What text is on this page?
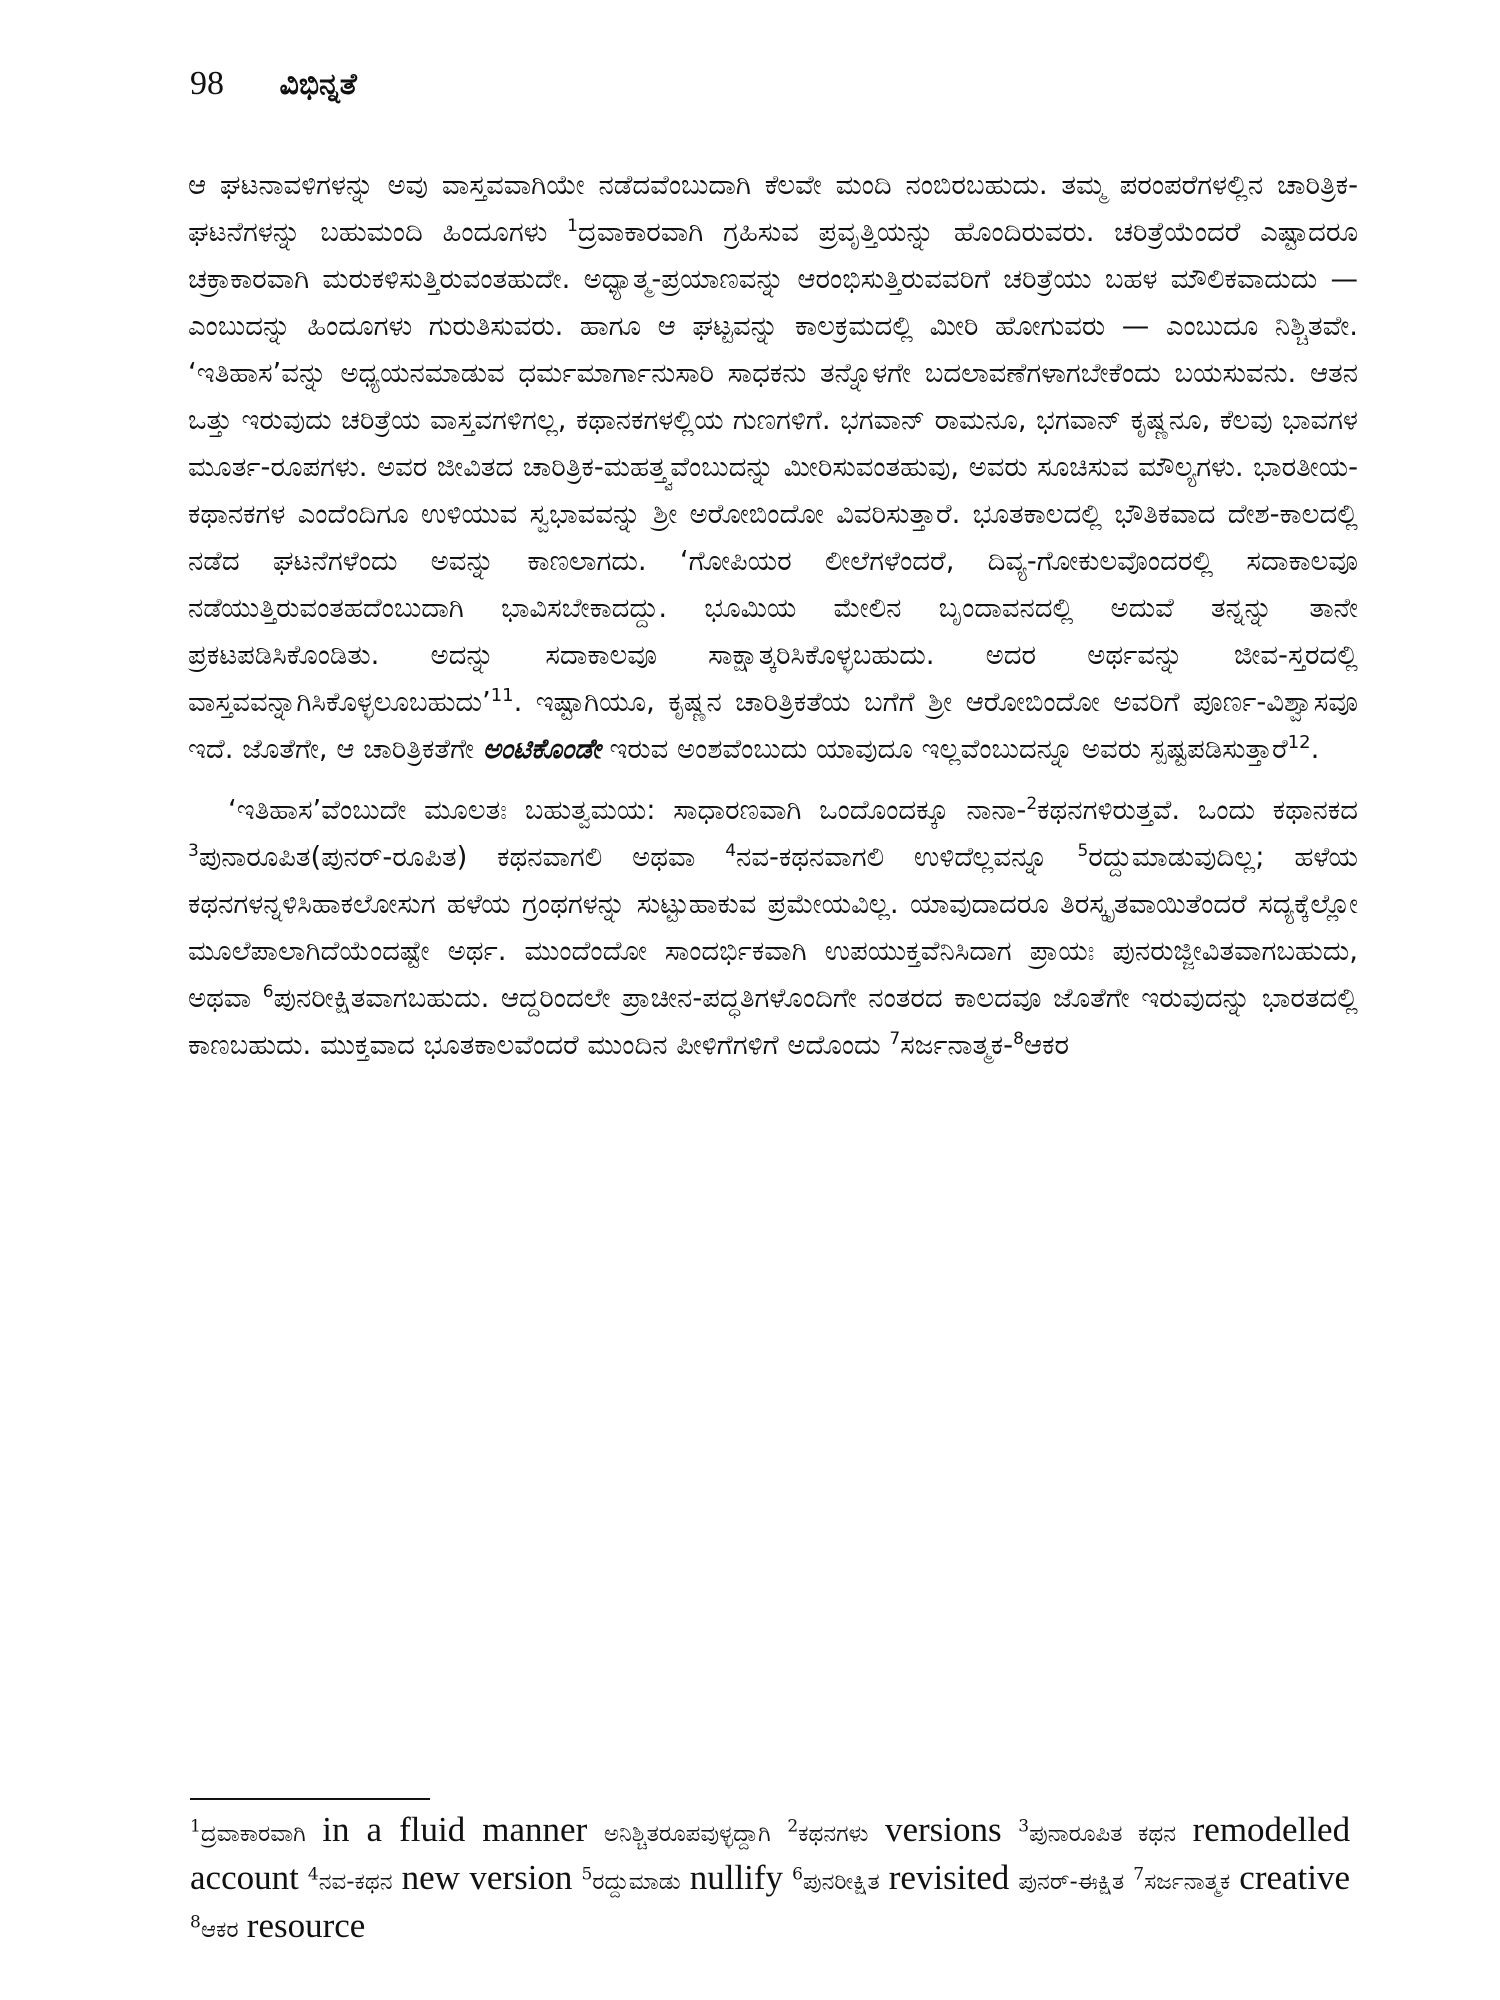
98 ವಿಭಿನ್ನತೆ

ಆ ಘಟನಾವಳಿಗಳನ್ನು ಅವು ವಾಸ್ತವವಾಗಿಯೇ ನಡೆದವೆಂಬುದಾಗಿ ಕೆಲವೇ ಮಂದಿ ನಂಬಿರಬಹುದು. ತಮ್ಮ ಪರಂಪರೆಗಳಲ್ಲಿನ ಚಾರಿತ್ರಿಕ-ಘಟನೆಗಳನ್ನು ಬಹುಮಂದಿ ಹಿಂದೂಗಳು $^1$ದ್ರವಾಕಾರವಾಗಿ ಗ್ರಹಿಸುವ ಪ್ರವೃತ್ತಿಯನ್ನು ಹೊಂದಿರುವರು. ಚರಿತ್ರೆಯೆಂದರೆ ಎಷ್ಟಾದರೂ ಚಕ್ರಾಕಾರವಾಗಿ ಮರುಕಳಿಸುತ್ತಿರುವಂತಹುದೇ. ಅಧ್ಯಾತ್ಮ-ಪ್ರಯಾಣವನ್ನು ಆರಂಭಿಸುತ್ತಿರುವವರಿಗೆ ಚರಿತ್ರೆಯು ಬಹಳ ಮೌಲಿಕವಾದುದು — ಎಂಬುದನ್ನು ಹಿಂದೂಗಳು ಗುರುತಿಸುವರು. ಹಾಗೂ ಆ ಘಟ್ಟವನ್ನು ಕಾಲಕ್ರಮದಲ್ಲಿ ಮೀರಿ ಹೋಗುವರು — ಎಂಬುದೂ ನಿಶ್ಚಿತವೇ. ‘ಇತಿಹಾಸ’ವನ್ನು ಅಧ್ಯಯನಮಾಡುವ ಧರ್ಮಮಾರ್ಗಾನುಸಾರಿ ಸಾಧಕನು ತನ್ನೊಳಗೇ ಬದಲಾವಣೆಗಳಾಗಬೇಕೆಂದು ಬಯಸುವನು. ಆತನ ಒತ್ತು ಇರುವುದು ಚರಿತ್ರೆಯ ವಾಸ್ತವಗಳಿಗಲ್ಲ, ಕಥಾನಕಗಳಲ್ಲಿಯ ಗುಣಗಳಿಗೆ. ಭಗವಾನ್ ರಾಮನೂ, ಭಗವಾನ್ ಕೃಷ್ಣನೂ, ಕೆಲವು ಭಾವಗಳ ಮೂರ್ತ-ರೂಪಗಳು. ಅವರ ಜೀವಿತದ ಚಾರಿತ್ರಿಕ-ಮಹತ್ತ್ವವೆಂಬುದನ್ನು ಮೀರಿಸುವಂತಹುವು, ಅವರು ಸೂಚಿಸುವ ಮೌಲ್ಯಗಳು. ಭಾರತೀಯ-ಕಥಾನಕಗಳ ಎಂದೆಂದಿಗೂ ಉಳಿಯುವ ಸ್ವಭಾವವನ್ನು ಶ್ರೀ ಅರೋಬಿಂದೋ ವಿವರಿಸುತ್ತಾರೆ. ಭೂತಕಾಲದಲ್ಲಿ ಭೌತಿಕವಾದ ದೇಶ-ಕಾಲದಲ್ಲಿ ನಡೆದ ಘಟನೆಗಳೆಂದು ಅವನ್ನು ಕಾಣಲಾಗದು. ‘ಗೋಪಿಯರ ಲೀಲೆಗಳೆಂದರೆ, ದಿವ್ಯ-ಗೋಕುಲವೊಂದರಲ್ಲಿ ಸದಾಕಾಲವೂ ನಡೆಯುತ್ತಿರುವಂತಹದೆಂಬುದಾಗಿ ಭಾವಿಸಬೇಕಾದದ್ದು. ಭೂಮಿಯ ಮೇಲಿನ ಬೃಂದಾವನದಲ್ಲಿ ಅದುವೆ ತನ್ನನ್ನು ತಾನೇ ಪ್ರಕಟಪಡಿಸಿಕೊಂಡಿತು. ಅದನ್ನು ಸದಾಕಾಲವೂ ಸಾಕ್ಷಾತ್ಕರಿಸಿಕೊಳ್ಳಬಹುದು. ಅದರ ಅರ್ಥವನ್ನು ಜೀವ-ಸ್ತರದಲ್ಲಿ ವಾಸ್ತವವನ್ನಾಗಿಸಿಕೊಳ್ಳಲೂಬಹುದು’$^{11}$. ಇಷ್ಟಾಗಿಯೂ, ಕೃಷ್ಣನ ಚಾರಿತ್ರಿಕತೆಯ ಬಗೆಗೆ ಶ್ರೀ ಆರೋಬಿಂದೋ ಅವರಿಗೆ ಪೂರ್ಣ-ವಿಶ್ವಾಸವೂ ಇದೆ. ಜೊತೆಗೇ, ಆ ಚಾರಿತ್ರಿಕತೆಗೇ ಅಂಟಿಕೊಂಡೇ ಇರುವ ಅಂಶವೆಂಬುದು ಯಾವುದೂ ಇಲ್ಲವೆಂಬುದನ್ನೂ ಅವರು ಸ್ಪಷ್ಟಪಡಿಸುತ್ತಾರೆ$^{12}$.

‘ಇತಿಹಾಸ’ವೆಂಬುದೇ ಮೂಲತಃ ಬಹುತ್ವಮಯ: ಸಾಧಾರಣವಾಗಿ ಒಂದೊಂದಕ್ಕೂ ನಾನಾ-$^2$ಕಥನಗಳಿರುತ್ತವೆ. ಒಂದು ಕಥಾನಕದ $^3$ಪುನಾರೂಪಿತ(ಪುನರ್-ರೂಪಿತ) ಕಥನವಾಗಲಿ ಅಥವಾ $^4$ನವ-ಕಥನವಾಗಲಿ ಉಳಿದೆಲ್ಲವನ್ನೂ $^5$ರದ್ದುಮಾಡುವುದಿಲ್ಲ; ಹಳೆಯ ಕಥನಗಳನ್ನಳಿಸಿಹಾಕಲೋಸುಗ ಹಳೆಯ ಗ್ರಂಥಗಳನ್ನು ಸುಟ್ಟುಹಾಕುವ ಪ್ರಮೇಯವಿಲ್ಲ. ಯಾವುದಾದರೂ ತಿರಸ್ಕೃತವಾಯಿತೆಂದರೆ ಸದ್ಯಕ್ಕೆಲ್ಲೋ ಮೂಲೆಪಾಲಾಗಿದೆಯೆಂದಷ್ಟೇ ಅರ್ಥ. ಮುಂದೆಂದೋ ಸಾಂದರ್ಭಿಕವಾಗಿ ಉಪಯುಕ್ತವೆನಿಸಿದಾಗ ಪ್ರಾಯಃ ಪುನರುಜ್ಜೀವಿತವಾಗಬಹುದು, ಅಥವಾ $^6$ಪುನರೀಕ್ಷಿತವಾಗಬಹುದು. ಆದ್ದರಿಂದಲೇ ಪ್ರಾಚೀನ-ಪದ್ಧತಿಗಳೊಂದಿಗೇ ನಂತರದ ಕಾಲದವೂ ಜೊತೆಗೇ ಇರುವುದನ್ನು ಭಾರತದಲ್ಲಿ ಕಾಣಬಹುದು. ಮುಕ್ತವಾದ ಭೂತಕಾಲವೆಂದರೆ ಮುಂದಿನ ಪೀಳಿಗೆಗಳಿಗೆ ಅದೊಂದು $^7$ಸರ್ಜನಾತ್ಮಕ-$^8$ಆಕರ

$^1$ದ್ರವಾಕಾರವಾಗಿ in a fluid manner ಅನಿಶ್ಚಿತರೂಪವುಳ್ಳದ್ದಾಗಿ $^2$ಕಥನಗಳು versions $^3$ಪುನಾರೂಪಿತ ಕಥನ remodelled account $^4$ನವ-ಕಥನ new version $^5$ರದ್ದುಮಾಡು nullify $^6$ಪುನರೀಕ್ಷಿತ revisited ಪುನರ್-ಈಕ್ಷಿತ $^7$ಸರ್ಜನಾತ್ಮಕ creative $^8$ಆಕರ resource
